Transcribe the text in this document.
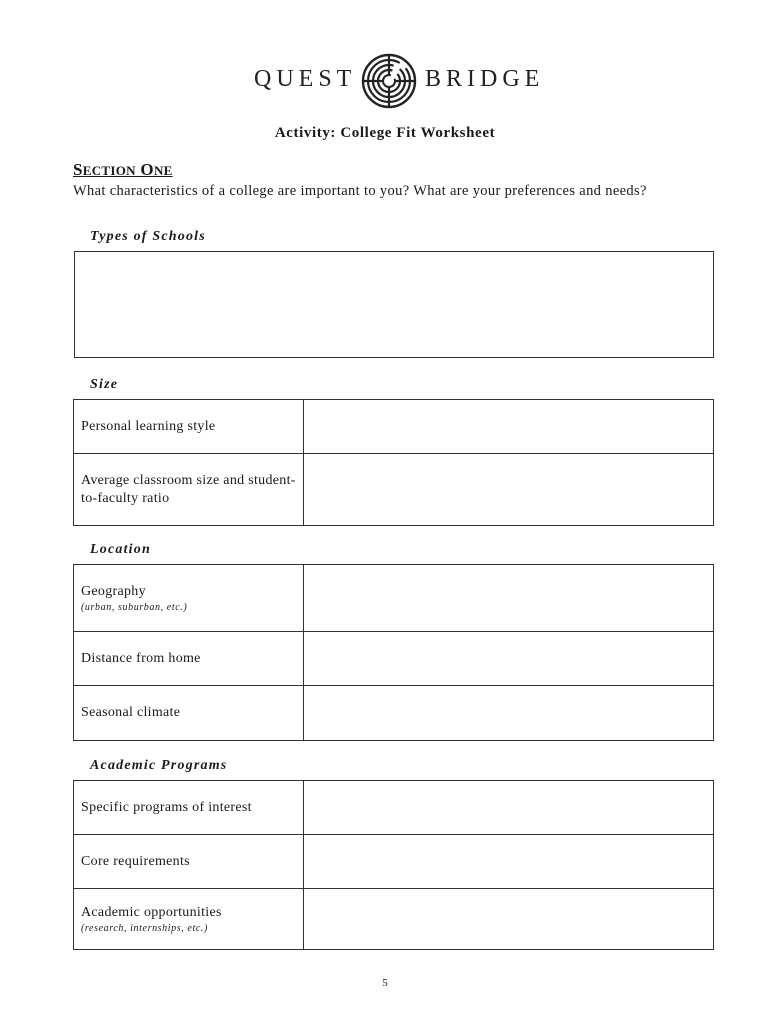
QUEST	BRIDGE
Activity: College Fit Worksheet
SECTION ONE
What characteristics of a college are important to you? What are your preferences and needs?
Types of Schools
Size
Personal learning style
Average classroom size and student-to-faculty ratio
Location
Geography
(urban, suburban, etc.)
Distance from home
Seasonal climate
Academic Programs
Specific programs of interest
Core requirements
Academic opportunities
(research, internships, etc.)
5
